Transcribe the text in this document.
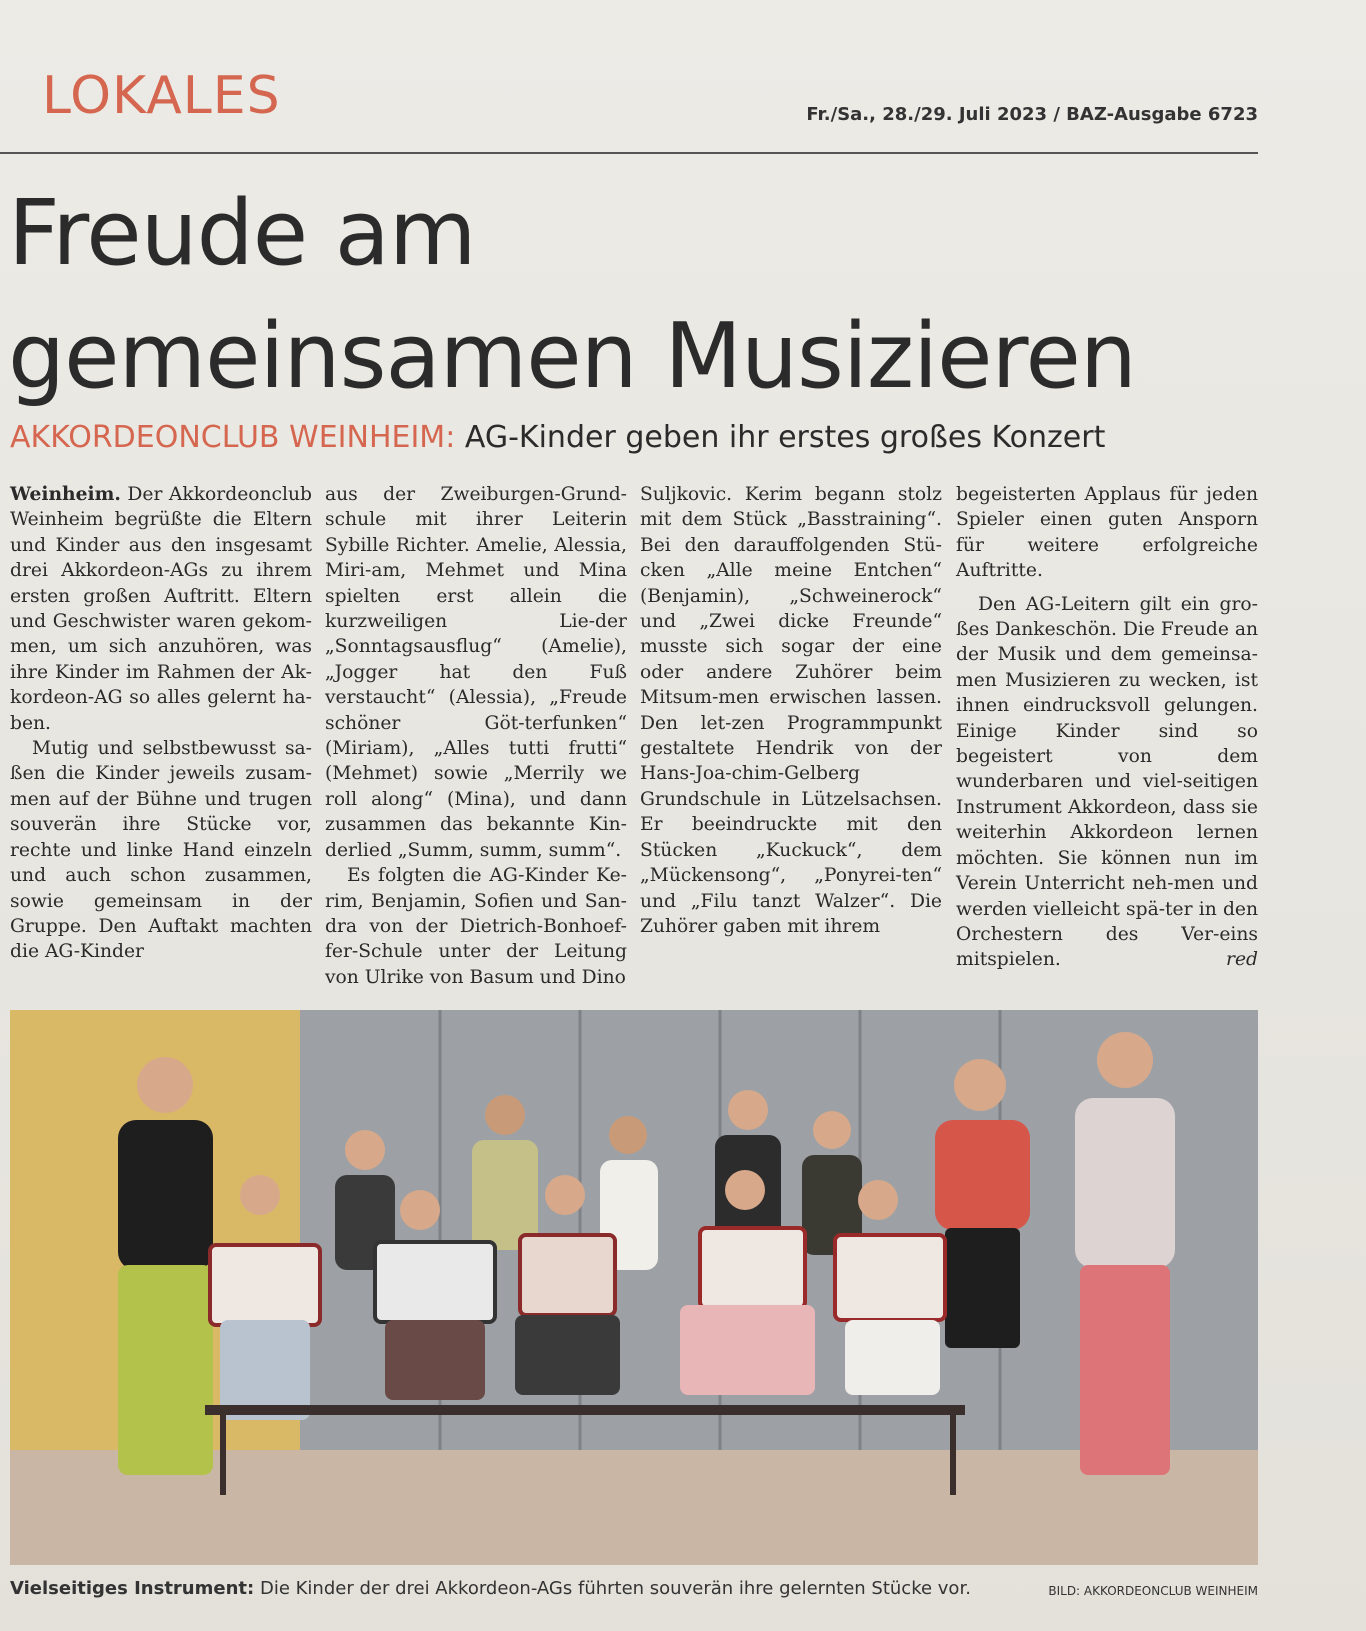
LOKALES	Fr./Sa., 28./29. Juli 2023 / BAZ-Ausgabe 6723
Freude am
gemeinsamen Musizieren
AKKORDEONCLUB WEINHEIM: AG-Kinder geben ihr erstes großes Konzert

Weinheim. Der Akkordeonclub Weinheim begrüßte die Eltern und Kinder aus den insgesamt drei Akkordeon-AGs zu ihrem ersten großen Auftritt. Eltern und Geschwister waren gekom-men, um sich anzuhören, was ihre Kinder im Rahmen der Ak-kordeon-AG so alles gelernt ha-ben.

Mutig und selbstbewusst sa-ßen die Kinder jeweils zusam-men auf der Bühne und trugen souverän ihre Stücke vor, rechte und linke Hand einzeln und auch schon zusammen, sowie gemeinsam in der Gruppe. Den Auftakt machten die AG-Kinder

aus der Zweiburgen-Grund-schule mit ihrer Leiterin Sybille Richter. Amelie, Alessia, Miri-am, Mehmet und Mina spielten erst allein die kurzweiligen Lie-der „Sonntagsausflug“ (Amelie), „Jogger hat den Fuß verstaucht“ (Alessia), „Freude schöner Göt-terfunken“ (Miriam), „Alles tutti frutti“ (Mehmet) sowie „Merrily we roll along“ (Mina), und dann zusammen das bekannte Kin-derlied „Summ, summ, summ“.

Es folgten die AG-Kinder Ke-rim, Benjamin, Sofien und San-dra von der Dietrich-Bonhoef-fer-Schule unter der Leitung von Ulrike von Basum und Dino

Suljkovic. Kerim begann stolz mit dem Stück „Basstraining“. Bei den darauffolgenden Stü-cken „Alle meine Entchen“ (Benjamin), „Schweinerock“ und „Zwei dicke Freunde“ musste sich sogar der eine oder andere Zuhörer beim Mitsum-men erwischen lassen. Den let-zen Programmpunkt gestaltete Hendrik von der Hans-Joa-chim-Gelberg Grundschule in Lützelsachsen. Er beeindruckte mit den Stücken „Kuckuck“, dem „Mückensong“, „Ponyrei-ten“ und „Filu tanzt Walzer“. Die Zuhörer gaben mit ihrem

begeisterten Applaus für jeden Spieler einen guten Ansporn für weitere erfolgreiche Auftritte.

Den AG-Leitern gilt ein gro-ßes Dankeschön. Die Freude an der Musik und dem gemeinsa-men Musizieren zu wecken, ist ihnen eindrucksvoll gelungen. Einige Kinder sind so begeistert von dem wunderbaren und viel-seitigen Instrument Akkordeon, dass sie weiterhin Akkordeon lernen möchten. Sie können nun im Verein Unterricht neh-men und werden vielleicht spä-ter in den Orchestern des Ver-eins mitspielen.	red

Vielseitiges Instrument: Die Kinder der drei Akkordeon-AGs führten souverän ihre gelernten Stücke vor.	BILD: AKKORDEONCLUB WEINHEIM
